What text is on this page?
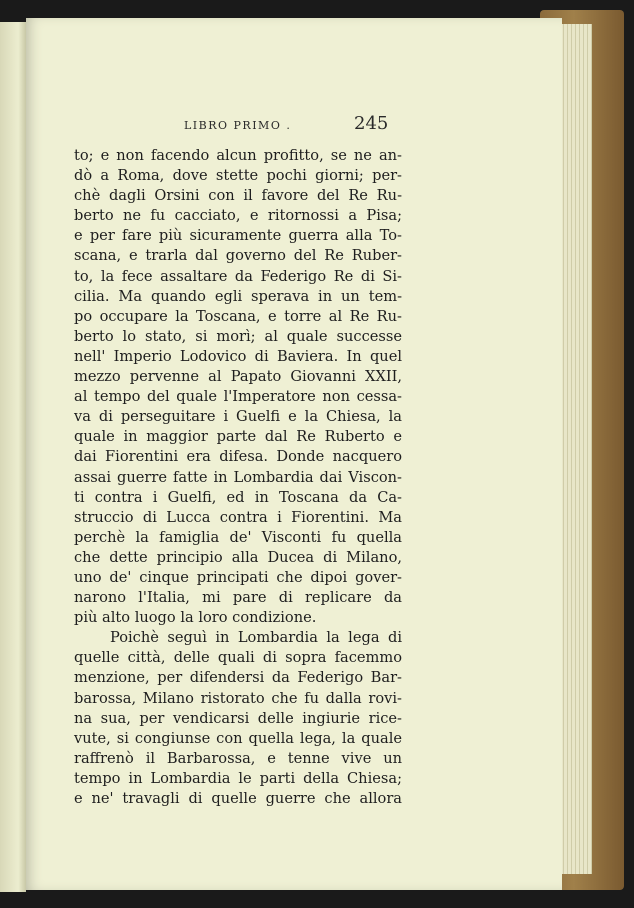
LIBRO PRIMO .	245
to; e non facendo alcun profitto, se ne an-
dò a Roma, dove stette pochi giorni; per-
chè dagli Orsini con il favore del Re Ru-
berto ne fu cacciato, e ritornossi a Pisa;
e per fare più sicuramente guerra alla To-
scana, e trarla dal governo del Re Ruber-
to, la fece assaltare da Federigo Re di Si-
cilia. Ma quando egli sperava in un tem-
po occupare la Toscana, e torre al Re Ru-
berto lo stato, si morì; al quale successe
nell' Imperio Lodovico di Baviera. In quel
mezzo pervenne al Papato Giovanni XXII,
al tempo del quale l'Imperatore non cessa-
va di perseguitare i Guelfi e la Chiesa, la
quale in maggior parte dal Re Ruberto e
dai Fiorentini era difesa. Donde nacquero
assai guerre fatte in Lombardia dai Viscon-
ti contra i Guelfi, ed in Toscana da Ca-
struccio di Lucca contra i Fiorentini. Ma
perchè la famiglia de' Visconti fu quella
che dette principio alla Ducea di Milano,
uno de' cinque principati che dipoi gover-
narono l'Italia, mi pare di replicare da
più alto luogo la loro condizione.
Poichè seguì in Lombardia la lega di
quelle città, delle quali di sopra facemmo
menzione, per difendersi da Federigo Bar-
barossa, Milano ristorato che fu dalla rovi-
na sua, per vendicarsi delle ingiurie rice-
vute, si congiunse con quella lega, la quale
raffrenò il Barbarossa, e tenne vive un
tempo in Lombardia le parti della Chiesa;
e ne' travagli di quelle guerre che allora
